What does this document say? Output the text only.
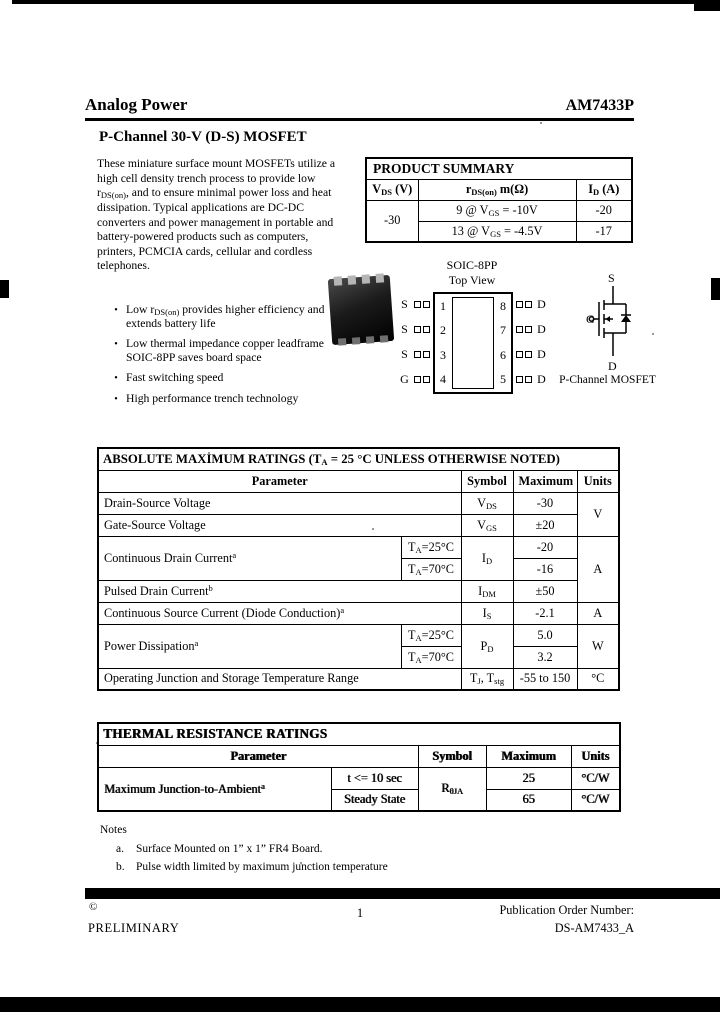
Analog Power	AM7433P
P-Channel 30-V (D-S) MOSFET

These miniature surface mount MOSFETs utilize a high cell density trench process to provide low $r_{DS(on)}$, and to ensure minimal power loss and heat dissipation. Typical applications are DC-DC converters and power management in portable and battery-powered products such as computers, printers, PCMCIA cards, cellular and cordless telephones.

• Low $r_{DS(on)}$ provides higher efficiency and extends battery life
• Low thermal impedance copper leadframe SOIC-8PP saves board space
• Fast switching speed
• High performance trench technology
PRODUCT SUMMARY		
$V_{DS}$ (V)	$r_{DS(on)}$ m(Ω)	$I_D$ (A)
-30	9 @ $V_{GS} = -10V$	-20
	13 @ $V_{GS} = -4.5V$	-17
SOIC-8PP
Top View
S
S
S
G
1
2
3
4
8
7
6
5
D
D
D
D
S
G
D
P-Channel MOSFET
ABSOLUTE MAXIMUM RATINGS ($T_A = 25$ °C UNLESS OTHERWISE NOTED)				
Parameter		Symbol	Maximum	Units
Drain-Source Voltage		$V_{DS}$	-30	V
Gate-Source Voltage		$V_{GS}$	±20	
Continuous Drain Current$^a$	$T_A=25^\circ C$	$I_D$	-20	A
	$T_A=70^\circ C$		-16	
Pulsed Drain Current$^b$		$I_{DM}$	±50	
Continuous Source Current (Diode Conduction)$^a$		$I_S$	-2.1	A
Power Dissipation$^a$	$T_A=25^\circ C$	$P_D$	5.0	W
	$T_A=70^\circ C$		3.2	
Operating Junction and Storage Temperature Range		$T_J$, $T_{stg}$	-55 to 150	°C
THERMAL RESISTANCE RATINGS				
Parameter		Symbol	Maximum	Units
Maximum Junction-to-Ambient$^a$	t <= 10 sec	$R_{\theta JA}$	25	°C/W
	Steady State		65	°C/W
Notes
a.	Surface Mounted on 1” x 1” FR4 Board.
b. Pulse width limited by maximum junction temperature
©
PRELIMINARY
1	Publication Order Number:
DS-AM7433_A
